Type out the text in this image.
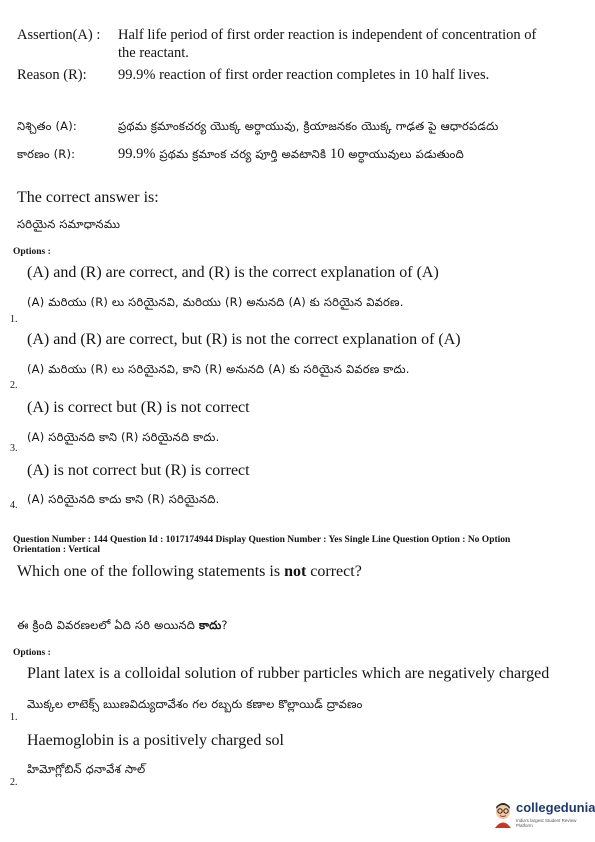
Assertion(A) : Half life period of first order reaction is independent of concentration of
the reactant.
Reason (R): 99.9% reaction of first order reaction completes in 10 half lives.
నిశ్చితం (A):	ప్రథమ క్రమాంకచర్య యొక్క అర్ధాయువు, క్రియాజనకం యొక్క గాఢత పై ఆధారపడదు
కారణం (R):	99.9% ప్రథమ క్రమాంక చర్య పూర్తి అవటానికి 10 అర్ధాయువులు పడుతుంది
The correct answer is:
సరియైన సమాధానము
Options :
(A) and (R) are correct, and (R) is the correct explanation of (A)
(A) మరియు (R) లు సరియైనవి, మరియు (R) అనునది (A) కు సరియైన వివరణ.
1.
(A) and (R) are correct, but (R) is not the correct explanation of (A)
(A) మరియు (R) లు సరియైనవి, కాని (R) అనునది (A) కు సరియైన వివరణ కాదు.
2.
(A) is correct but (R) is not correct
(A) సరియైనది కాని (R) సరియైనది కాదు.
3.
(A) is not correct but (R) is correct
(A) సరియైనది కాదు కాని (R) సరియైనది.
4.
Question Number : 144 Question Id : 1017174944 Display Question Number : Yes Single Line Question Option : No Option
Orientation : Vertical
Which one of the following statements is not correct?
ఈ క్రింది వివరణలలో ఏది సరి అయినది కాదు?
Options :
Plant latex is a colloidal solution of rubber particles which are negatively charged
మొక్కల లాటెక్స్ ఋణవిద్యుదావేశం గల రబ్బరు కణాల కొల్లాయిడ్ ద్రావణం
1.
Haemoglobin is a positively charged sol
హిమోగ్లోబిన్ ధనావేశ సాల్
2.
collegedunia
India's largest Student Review Platform
